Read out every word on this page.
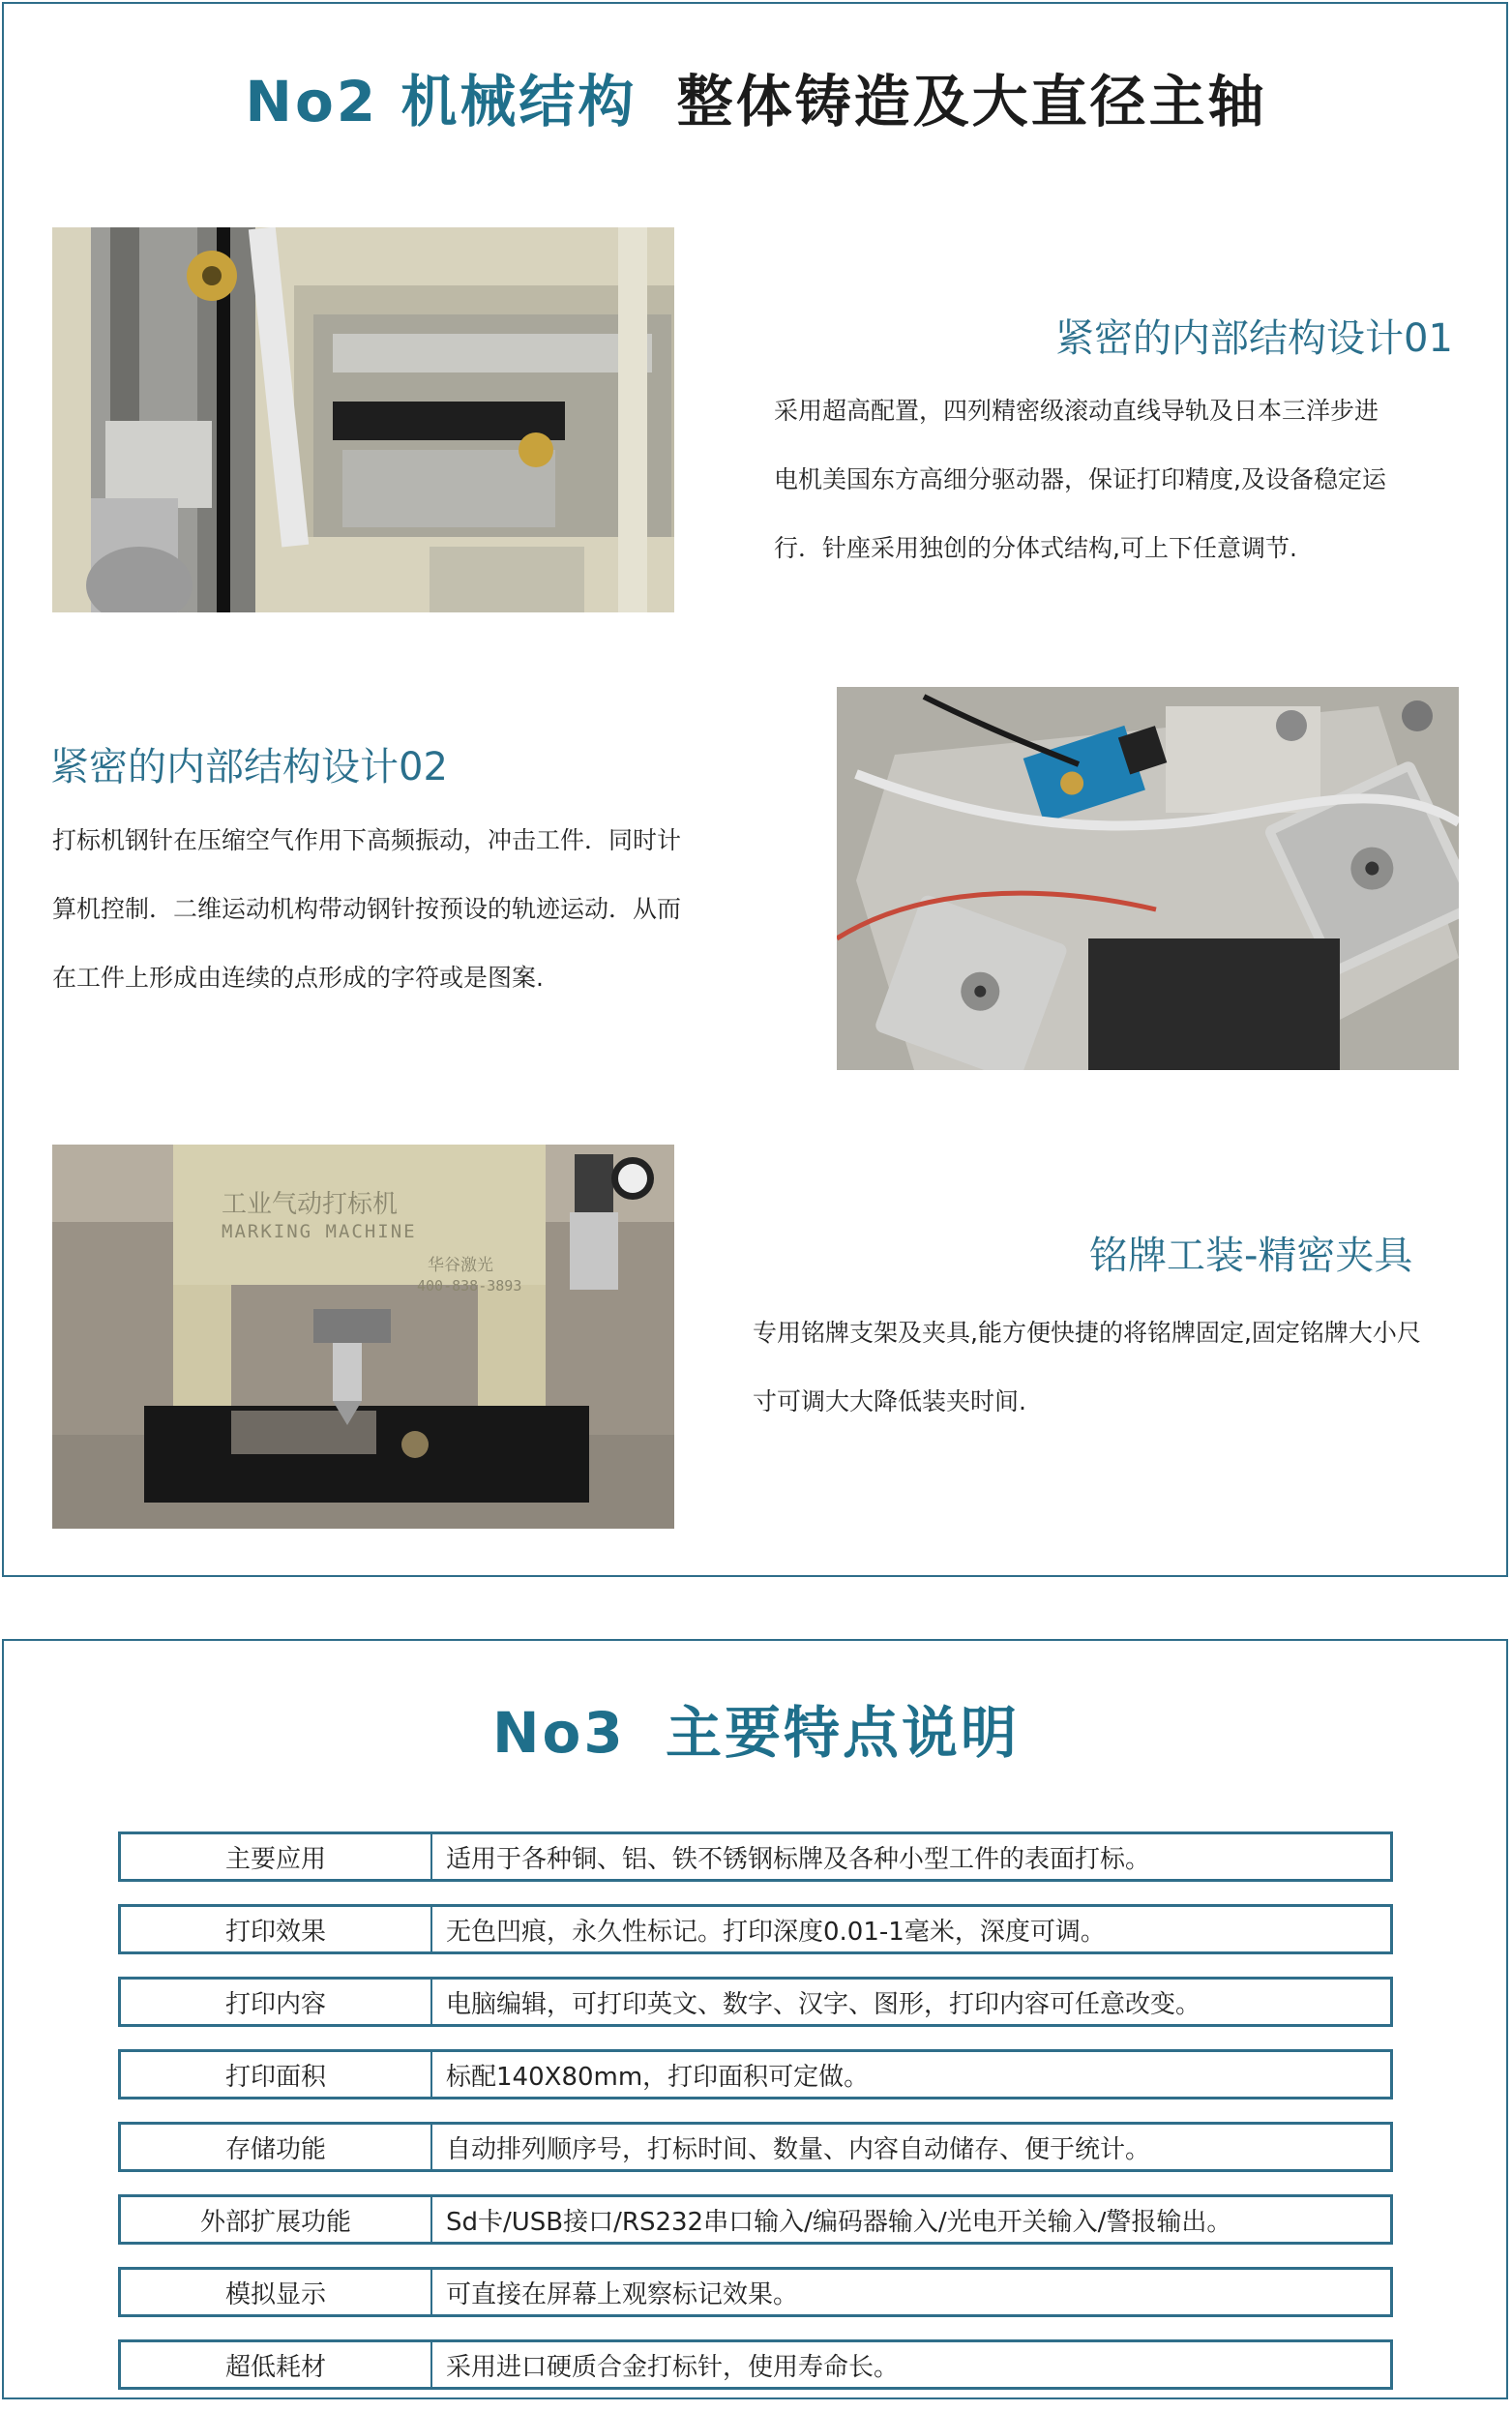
No2 机械结构 整体铸造及大直径主轴
紧密的内部结构设计01
采用超高配置，四列精密级滚动直线导轨及日本三洋步进
电机美国东方高细分驱动器，保证打印精度,及设备稳定运
行．针座采用独创的分体式结构,可上下任意调节.
紧密的内部结构设计02
打标机钢针在压缩空气作用下高频振动，冲击工件．同时计
算机控制．二维运动机构带动钢针按预设的轨迹运动．从而
在工件上形成由连续的点形成的字符或是图案.
工业气动打标机
MARKING MACHINE
华谷激光
400-838-3893
铭牌工装-精密夹具
专用铭牌支架及夹具,能方便快捷的将铭牌固定,固定铭牌大小尺
寸可调大大降低装夹时间.
No3 主要特点说明
主要应用	适用于各种铜、铝、铁不锈钢标牌及各种小型工件的表面打标。
打印效果	无色凹痕，永久性标记。打印深度0.01-1毫米，深度可调。
打印内容	电脑编辑，可打印英文、数字、汉字、图形，打印内容可任意改变。
打印面积	标配140X80mm，打印面积可定做。
存储功能	自动排列顺序号，打标时间、数量、内容自动储存、便于统计。
外部扩展功能	Sd卡/USB接口/RS232串口输入/编码器输入/光电开关输入/警报输出。
模拟显示	可直接在屏幕上观察标记效果。
超低耗材	采用进口硬质合金打标针，使用寿命长。
